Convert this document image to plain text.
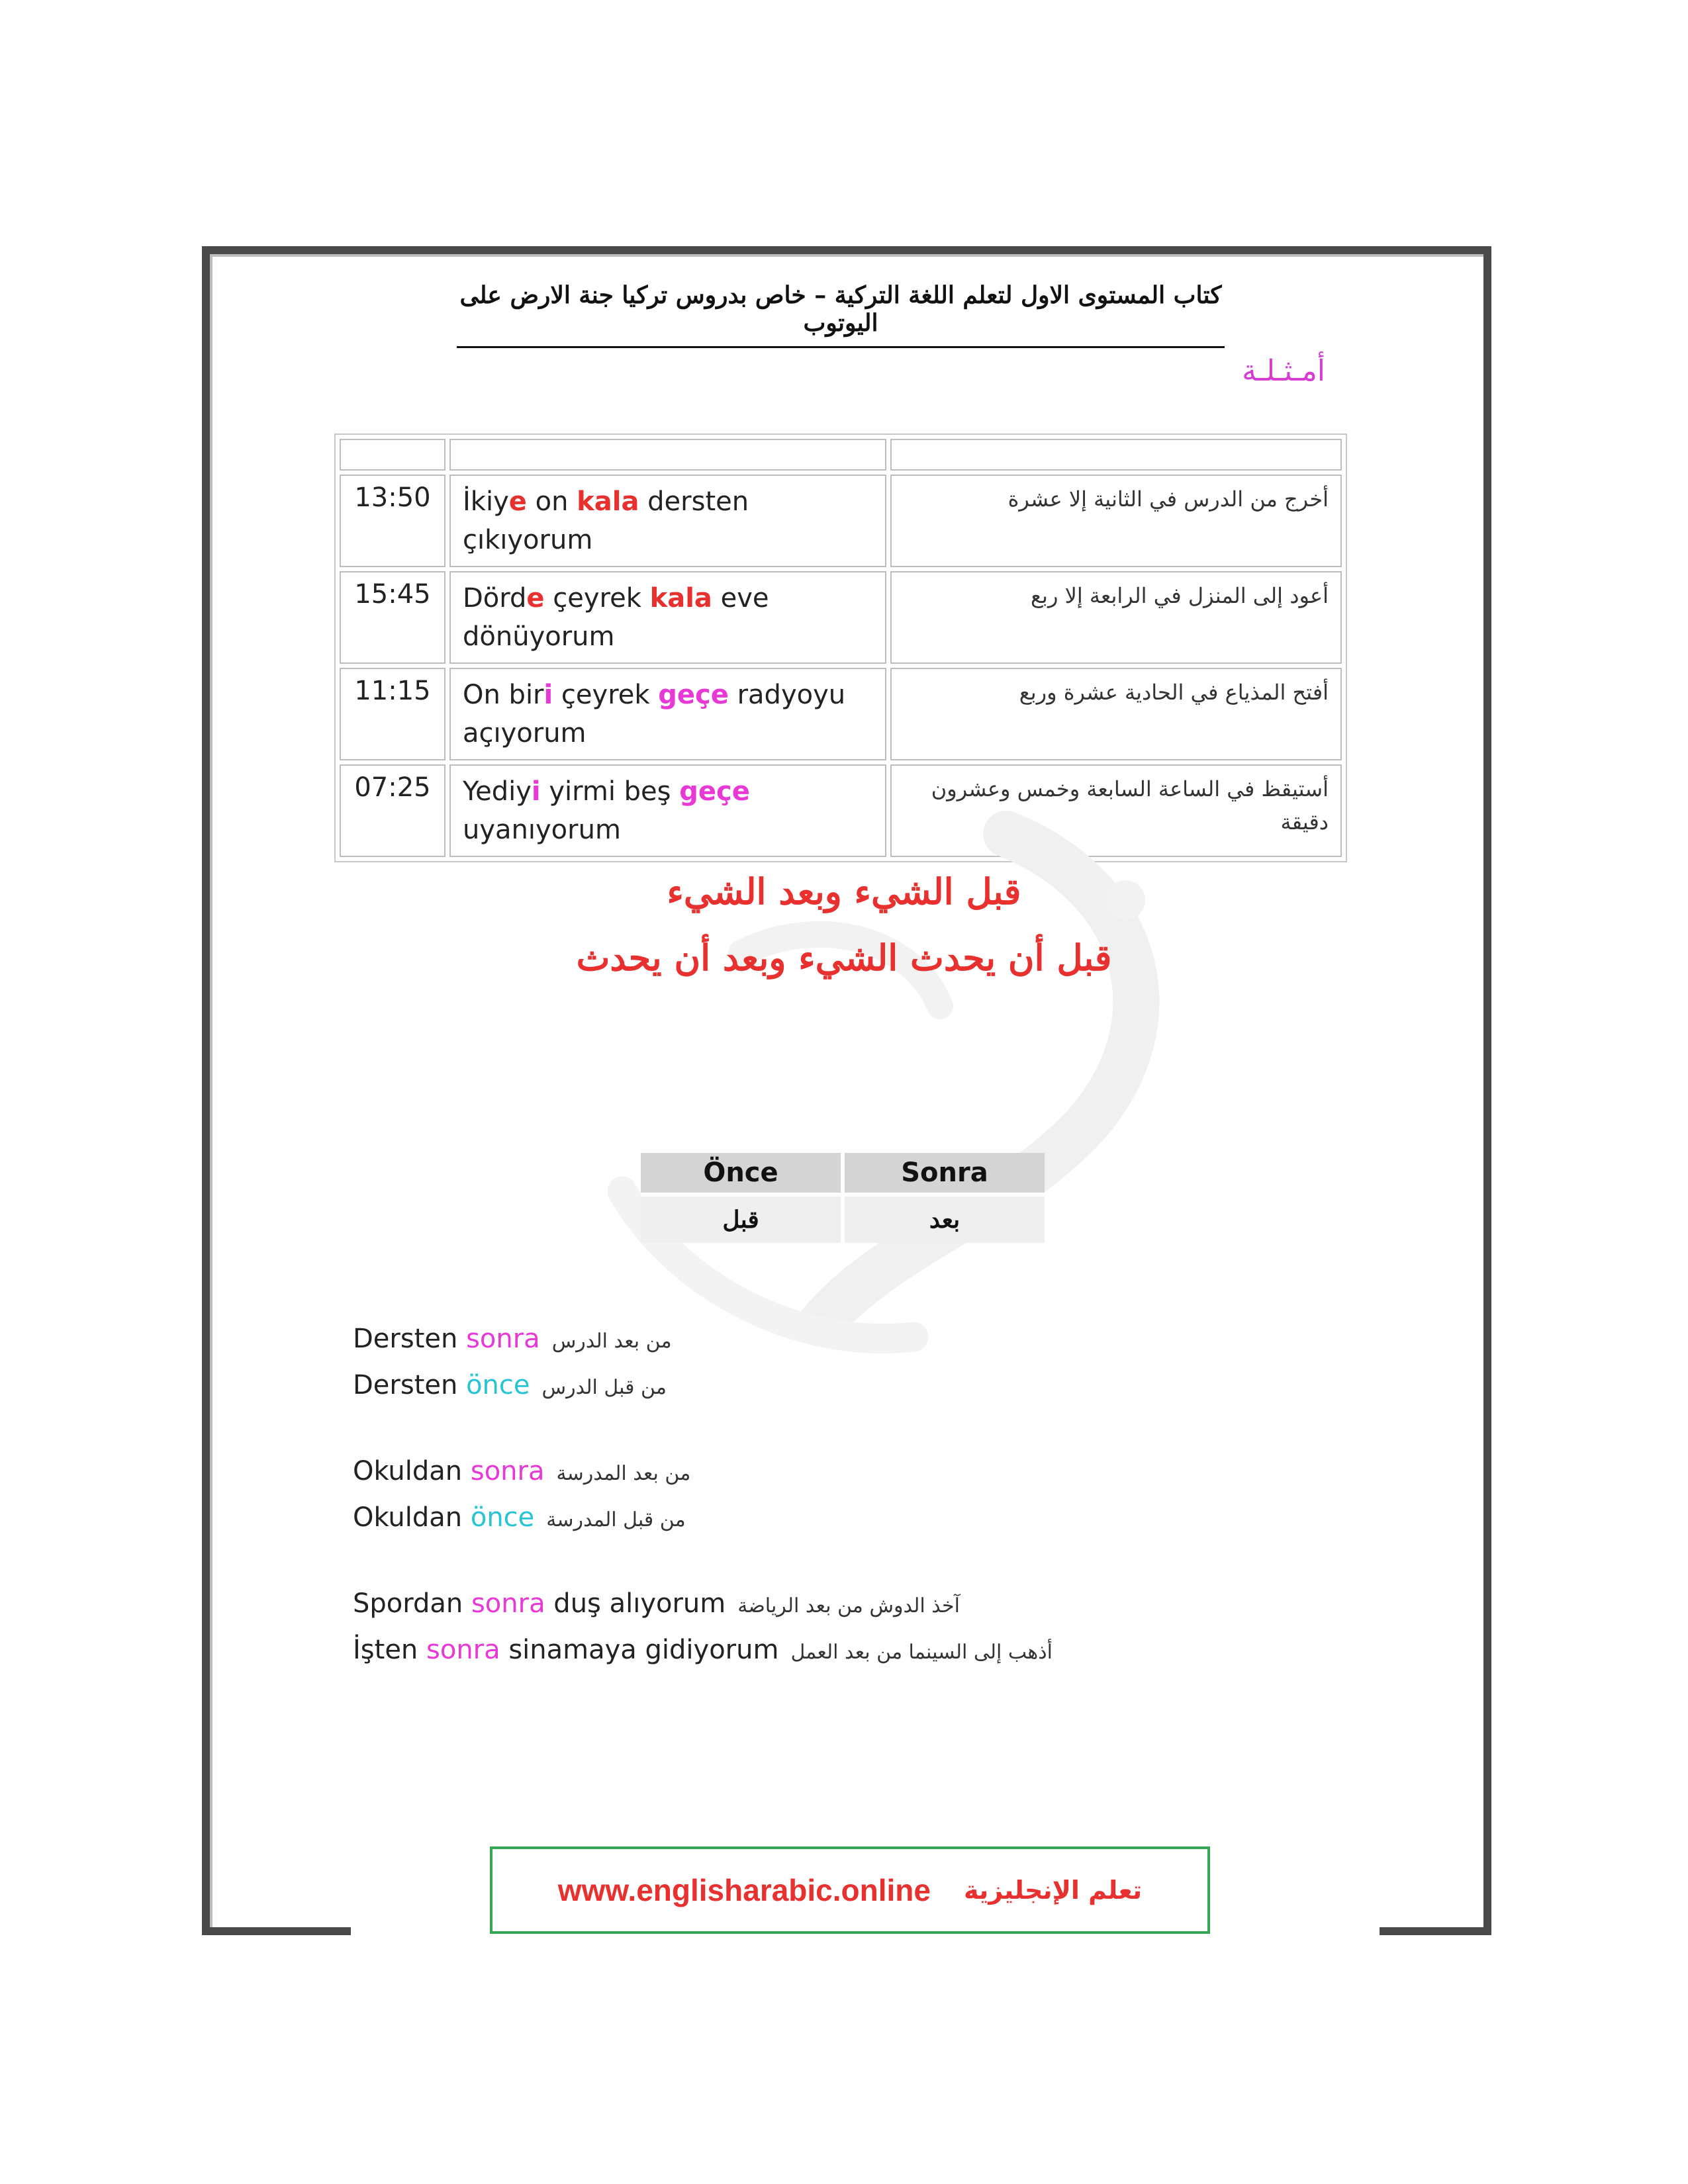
كتاب المستوى الاول لتعلم اللغة التركية – خاص بدروس تركيا جنة الارض على اليوتوب
أمـثـلـة

13:50	İkiye on kala dersten çıkıyorum	أخرج من الدرس في الثانية إلا عشرة
15:45	Dörde çeyrek kala eve dönüyorum	أعود إلى المنزل في الرابعة إلا ربع
11:15	On biri çeyrek geçe radyoyu açıyorum	أفتح المذياع في الحادية عشرة وربع
07:25	Yediyi yirmi beş geçe uyanıyorum	أستيقظ في الساعة السابعة وخمس وعشرون دقيقة
قبل الشيء وبعد الشيء
قبل أن يحدث الشيء وبعد أن يحدث
Önce	Sonra
قبل	بعد
Dersten sonra من بعد الدرس
Dersten önce من قبل الدرس
Okuldan sonra من بعد المدرسة
Okuldan önce من قبل المدرسة
Spordan sonra duş alıyorum آخذ الدوش من بعد الرياضة
İşten sonra sinamaya gidiyorum أذهب إلى السينما من بعد العمل
www.englisharabic.online تعلم الإنجليزية
